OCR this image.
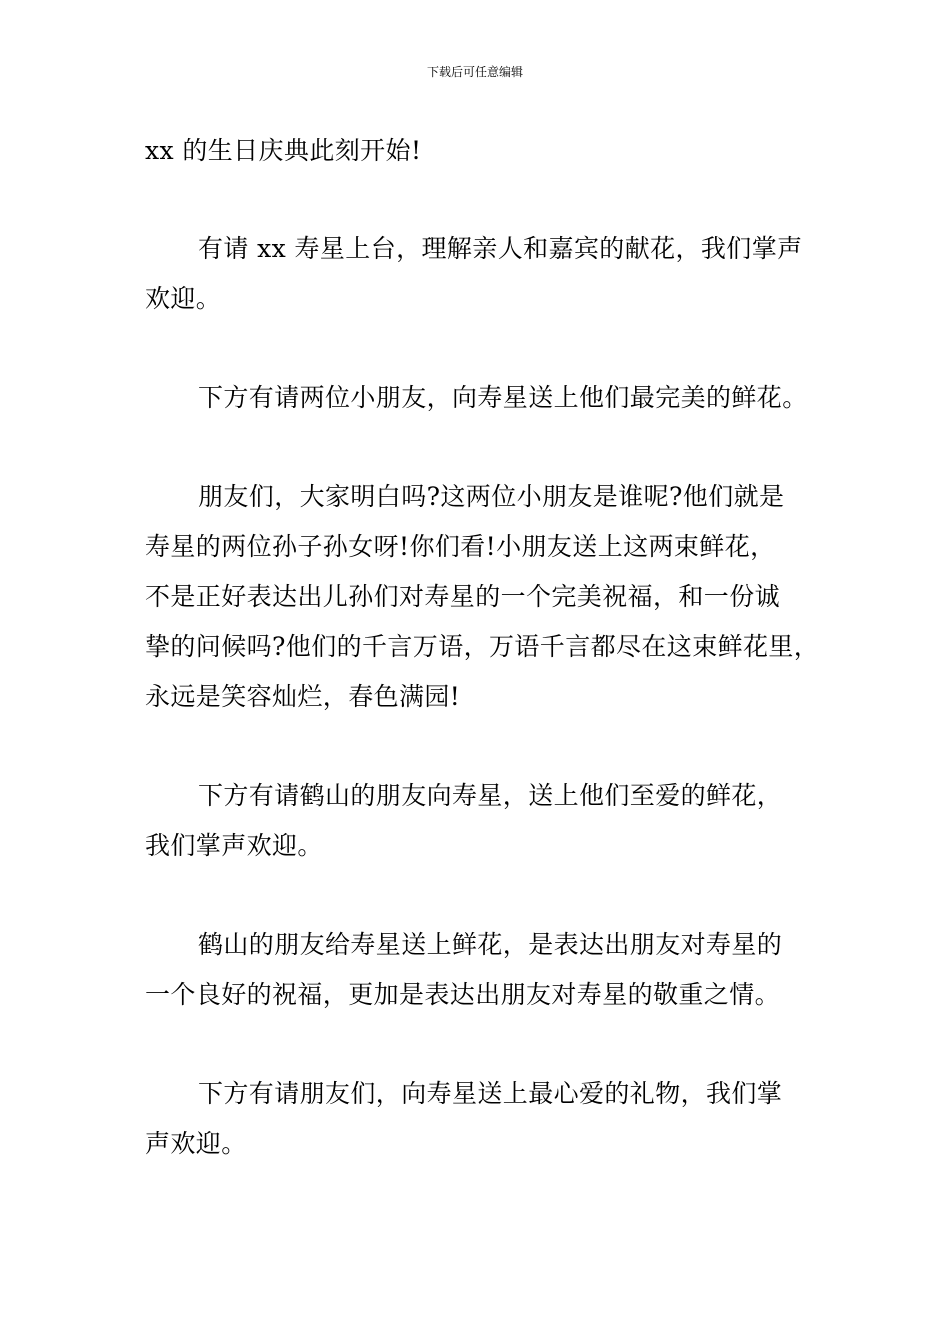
下载后可任意编辑
xx 的生日庆典此刻开始!
有请 xx 寿星上台，理解亲人和嘉宾的献花，我们掌声
欢迎。
下方有请两位小朋友，向寿星送上他们最完美的鲜花。
朋友们，大家明白吗?这两位小朋友是谁呢?他们就是
寿星的两位孙子孙女呀!你们看!小朋友送上这两束鲜花，
不是正好表达出儿孙们对寿星的一个完美祝福，和一份诚
挚的问候吗?他们的千言万语，万语千言都尽在这束鲜花里，
永远是笑容灿烂，春色满园!
下方有请鹤山的朋友向寿星，送上他们至爱的鲜花，
我们掌声欢迎。
鹤山的朋友给寿星送上鲜花，是表达出朋友对寿星的
一个良好的祝福，更加是表达出朋友对寿星的敬重之情。
下方有请朋友们，向寿星送上最心爱的礼物，我们掌
声欢迎。
